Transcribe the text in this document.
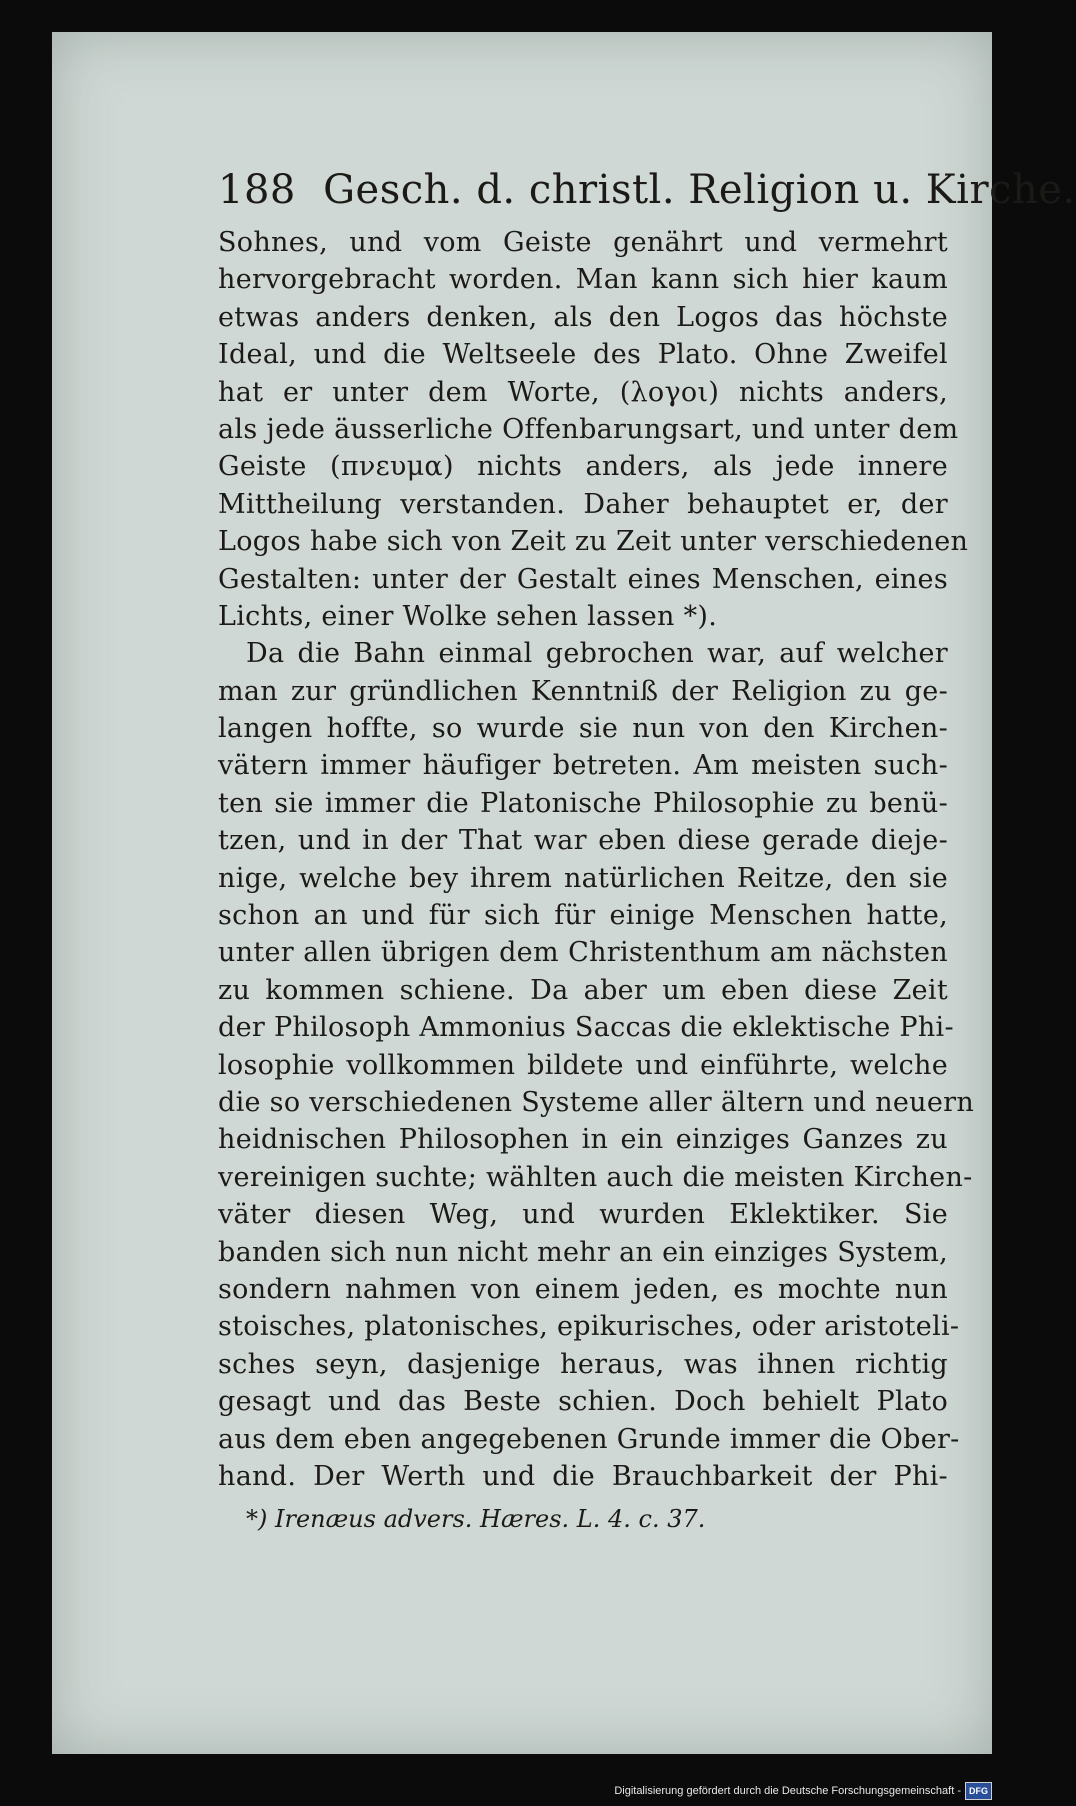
188 Gesch. d. christl. Religion u. Kirche.
Sohnes, und vom Geiste genährt und vermehrt
hervorgebracht worden. Man kann sich hier kaum
etwas anders denken, als den Logos das höchste
Ideal, und die Weltseele des Plato. Ohne Zweifel
hat er unter dem Worte, (λογοι) nichts anders,
als jede äusserliche Offenbarungsart, und unter dem
Geiste (πνευμα) nichts anders, als jede innere
Mittheilung verstanden. Daher behauptet er, der
Logos habe sich von Zeit zu Zeit unter verschiedenen
Gestalten: unter der Gestalt eines Menschen, eines
Lichts, einer Wolke sehen lassen *).
Da die Bahn einmal gebrochen war, auf welcher
man zur gründlichen Kenntniß der Religion zu ge-
langen hoffte, so wurde sie nun von den Kirchen-
vätern immer häufiger betreten. Am meisten such-
ten sie immer die Platonische Philosophie zu benü-
tzen, und in der That war eben diese gerade dieje-
nige, welche bey ihrem natürlichen Reitze, den sie
schon an und für sich für einige Menschen hatte,
unter allen übrigen dem Christenthum am nächsten
zu kommen schiene. Da aber um eben diese Zeit
der Philosoph Ammonius Saccas die eklektische Phi-
losophie vollkommen bildete und einführte, welche
die so verschiedenen Systeme aller ältern und neuern
heidnischen Philosophen in ein einziges Ganzes zu
vereinigen suchte; wählten auch die meisten Kirchen-
väter diesen Weg, und wurden Eklektiker. Sie
banden sich nun nicht mehr an ein einziges System,
sondern nahmen von einem jeden, es mochte nun
stoisches, platonisches, epikurisches, oder aristoteli-
sches seyn, dasjenige heraus, was ihnen richtig
gesagt und das Beste schien. Doch behielt Plato
aus dem eben angegebenen Grunde immer die Ober-
hand. Der Werth und die Brauchbarkeit der Phi-
*) Irenæus advers. Hæres. L. 4. c. 37.
Digitalisierung gefördert durch die Deutsche Forschungsgemeinschaft - DFG
